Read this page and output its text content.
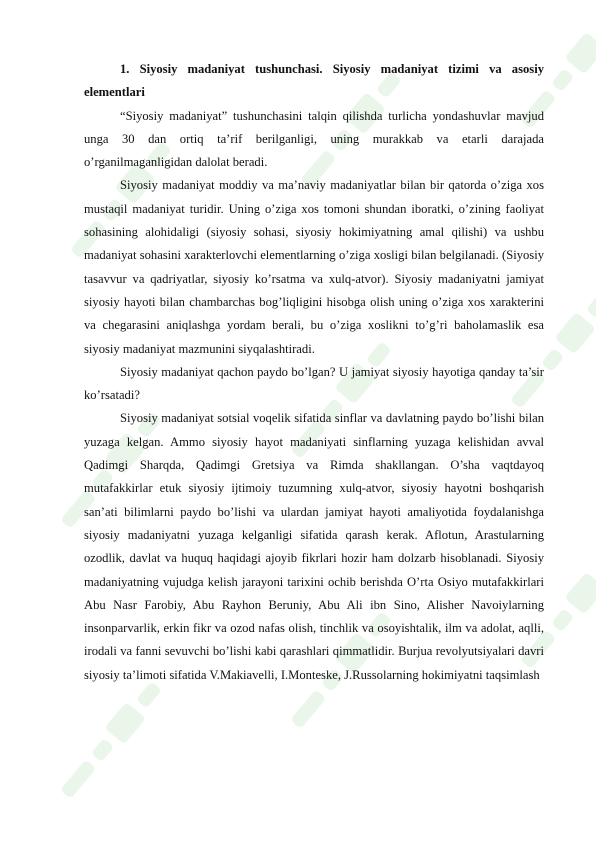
1. Siyosiy madaniyat tushunchasi. Siyosiy madaniyat tizimi va asosiy elementlari

“Siyosiy madaniyat” tushunchasini talqin qilishda turlicha yondashuvlar mavjud unga 30 dan ortiq ta’rif berilganligi, uning murakkab va etarli darajada o’rganilmaganligidan dalolat beradi.

Siyosiy madaniyat moddiy va ma’naviy madaniyatlar bilan bir qatorda o’ziga xos mustaqil madaniyat turidir. Uning o’ziga xos tomoni shundan iboratki, o’zining faoliyat sohasining alohidaligi (siyosiy sohasi, siyosiy hokimiyatning amal qilishi) va ushbu madaniyat sohasini xarakterlovchi elementlarning o’ziga xosligi bilan belgilanadi. (Siyosiy tasavvur va qadriyatlar, siyosiy ko’rsatma va xulq-atvor). Siyosiy madaniyatni jamiyat siyosiy hayoti bilan chambarchas bog’liqligini hisobga olish uning o’ziga xos xarakterini va chegarasini aniqlashga yordam berali, bu o’ziga xoslikni to’g’ri baholamaslik esa siyosiy madaniyat mazmunini siyqalashtiradi.

Siyosiy madaniyat qachon paydo bo’lgan? U jamiyat siyosiy hayotiga qanday ta’sir ko’rsatadi?

Siyosiy madaniyat sotsial voqelik sifatida sinflar va davlatning paydo bo’lishi bilan yuzaga kelgan. Ammo siyosiy hayot madaniyati sinflarning yuzaga kelishidan avval Qadimgi Sharqda, Qadimgi Gretsiya va Rimda shakllangan. O’sha vaqtdayoq mutafakkirlar etuk siyosiy ijtimoiy tuzumning xulq-atvor, siyosiy hayotni boshqarish san’ati bilimlarni paydo bo’lishi va ulardan jamiyat hayoti amaliyotida foydalanishga siyosiy madaniyatni yuzaga kelganligi sifatida qarash kerak. Aflotun, Arastularning ozodlik, davlat va huquq haqidagi ajoyib fikrlari hozir ham dolzarb hisoblanadi. Siyosiy madaniyatning vujudga kelish jarayoni tarixini ochib berishda O’rta Osiyo mutafakkirlari Abu Nasr Farobiy, Abu Rayhon Beruniy, Abu Ali ibn Sino, Alisher Navoiylarning insonparvarlik, erkin fikr va ozod nafas olish, tinchlik va osoyishtalik, ilm va adolat, aqlli, irodali va fanni sevuvchi bo’lishi kabi qarashlari qimmatlidir. Burjua revolyutsiyalari davri siyosiy ta’limoti sifatida V.Makiavelli, I.Monteske, J.Russolarning hokimiyatni taqsimlash
